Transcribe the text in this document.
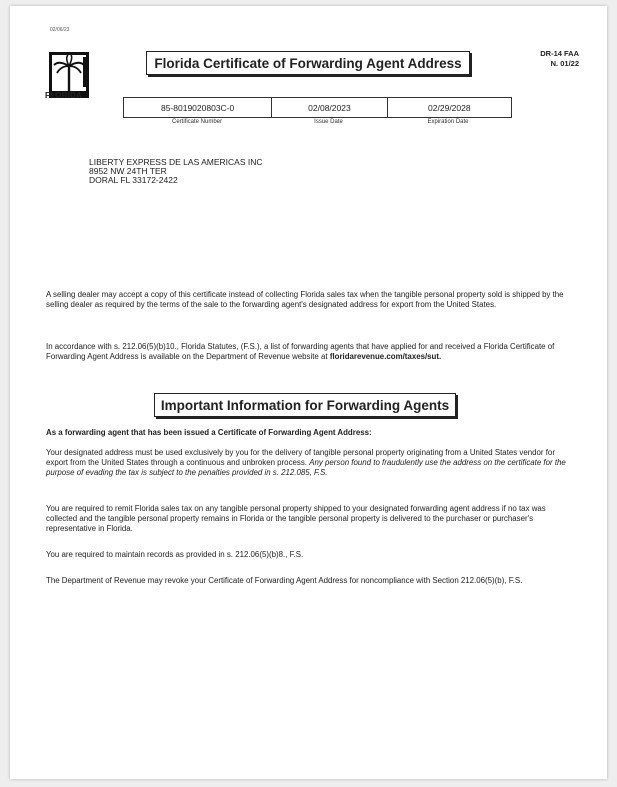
02/06/23
FLORIDA
Florida Certificate of Forwarding Agent Address
DR-14 FAA
N. 01/22
85-8019020803C-0	02/08/2023	02/29/2028
Certificate Number	Issue Date	Expiration Date
LIBERTY EXPRESS DE LAS AMERICAS INC
8952 NW 24TH TER
DORAL FL 33172-2422
A selling dealer may accept a copy of this certificate instead of collecting Florida sales tax when the tangible personal property sold is shipped by the selling dealer as required by the terms of the sale to the forwarding agent's designated address for export from the United States.
In accordance with s. 212.06(5)(b)10., Florida Statutes, (F.S.), a list of forwarding agents that have applied for and received a Florida Certificate of Forwarding Agent Address is available on the Department of Revenue website at floridarevenue.com/taxes/sut.
Important Information for Forwarding Agents
As a forwarding agent that has been issued a Certificate of Forwarding Agent Address:
Your designated address must be used exclusively by you for the delivery of tangible personal property originating from a United States vendor for export from the United States through a continuous and unbroken process. Any person found to fraudulently use the address on the certificate for the purpose of evading the tax is subject to the penalties provided in s. 212.085, F.S.
You are required to remit Florida sales tax on any tangible personal property shipped to your designated forwarding agent address if no tax was collected and the tangible personal property remains in Florida or the tangible personal property is delivered to the purchaser or purchaser's representative in Florida.
You are required to maintain records as provided in s. 212.06(5)(b)8., F.S.
The Department of Revenue may revoke your Certificate of Forwarding Agent Address for noncompliance with Section 212.06(5)(b), F.S.
